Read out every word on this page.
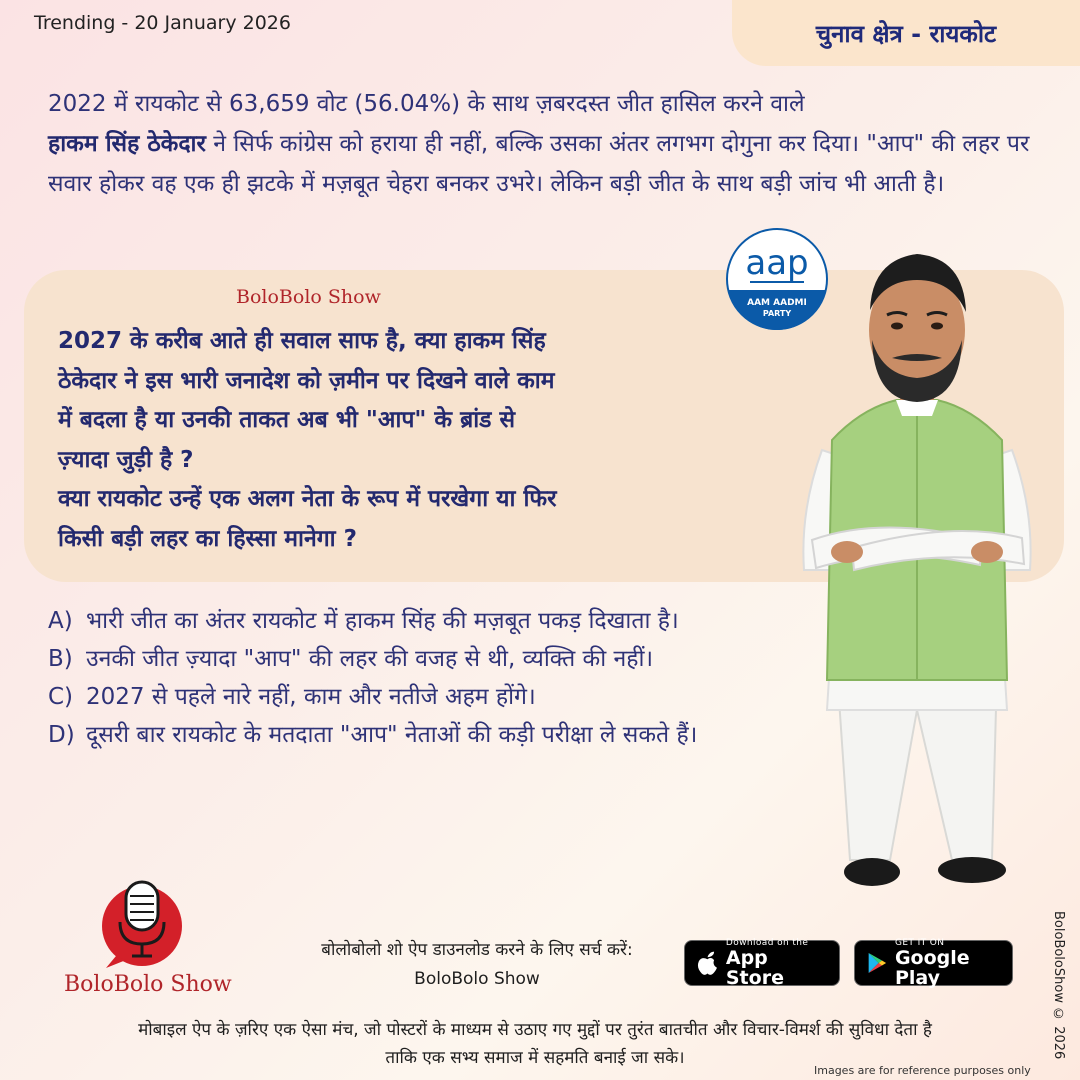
Trending - 20 January 2026	चुनाव क्षेत्र - रायकोट
2022 में रायकोट से 63,659 वोट (56.04%) के साथ ज़बरदस्त जीत हासिल करने वाले
हाकम सिंह ठेकेदार ने सिर्फ कांग्रेस को हराया ही नहीं, बल्कि उसका अंतर लगभग दोगुना कर दिया। "आप" की लहर पर सवार होकर वह एक ही झटके में मज़बूत चेहरा बनकर उभरे। लेकिन बड़ी जीत के साथ बड़ी जांच भी आती है।
BoloBolo Show
2027 के करीब आते ही सवाल साफ है, क्या हाकम सिंह
ठेकेदार ने इस भारी जनादेश को ज़मीन पर दिखने वाले काम
में बदला है या उनकी ताकत अब भी "आप" के ब्रांड से
ज़्यादा जुड़ी है ?
क्या रायकोट उन्हें एक अलग नेता के रूप में परखेगा या फिर
किसी बड़ी लहर का हिस्सा मानेगा ?
A) भारी जीत का अंतर रायकोट में हाकम सिंह की मज़बूत पकड़ दिखाता है।
B) उनकी जीत ज़्यादा "आप" की लहर की वजह से थी, व्यक्ति की नहीं।
C) 2027 से पहले नारे नहीं, काम और नतीजे अहम होंगे।
D) दूसरी बार रायकोट के मतदाता "आप" नेताओं की कड़ी परीक्षा ले सकते हैं।
aap
AAM AADMI
PARTY
BoloBolo Show
बोलोबोलो शो ऐप डाउनलोड करने के लिए सर्च करें:
BoloBolo Show
Download on the
App Store
GET IT ON
Google Play
मोबाइल ऐप के ज़रिए एक ऐसा मंच, जो पोस्टरों के माध्यम से उठाए गए मुद्दों पर तुरंत बातचीत और विचार-विमर्श की सुविधा देता है
ताकि एक सभ्य समाज में सहमति बनाई जा सके।	BoloBoloShow © 2026
Images are for reference purposes only
